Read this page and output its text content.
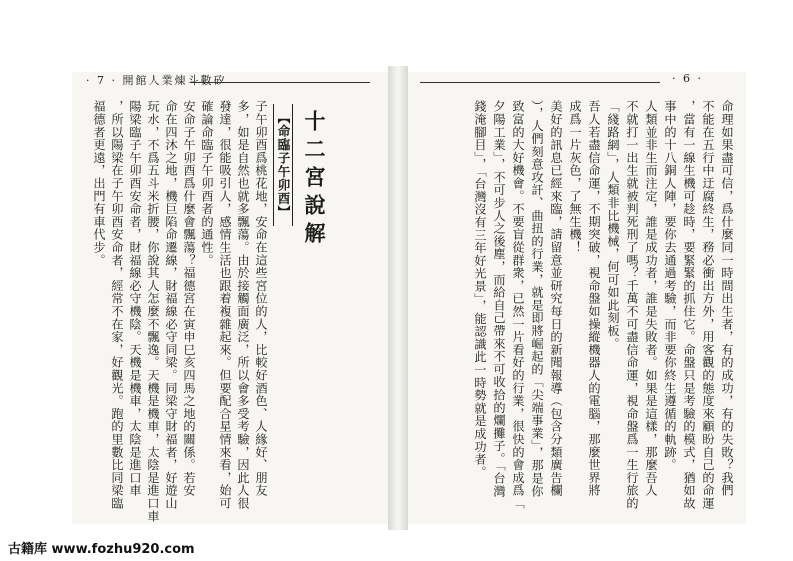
· 7 · 開館人業煉斗數矽	· 6 ·
十二宮說解
【命臨子午卯酉】
子午卯酉爲桃花地，安命在這些宮位的人，比較好酒色、人緣好、朋友
多，如是自然也就多飄蕩。由於接觸面廣泛，所以會多受考驗，因此人很
發達，很能吸引人，感情生活也跟着複雜起來。但要配合星情來看，始可
確論命臨子午卯酉者的通性。
安命子午卯酉爲什麼會飄蕩？福德宮在寅申巳亥四馬之地的關係。若安
命在四沐之地，機巨陷命遷線，財福線必守同梁。同梁守財福者，好遊山
玩水，不爲五斗米折腰，你說其人怎麼不飄逸。天機是機車，太陰是進口車
陽梁臨子午卯酉安命者，財福線必守機陰。天機是機車，太陰是進口車
，所以陽梁在子午卯酉安命者，經常不在家，好觀光。跑的里數比同梁臨
福德者更遠，出門有車代步。	命理如果盡可信，爲什麼同一時間出生者，有的成功，有的失敗？我們
不能在五行中迂腐終生，務必衝出方外，用客觀的態度來顧盼自己的命運
，當有一線生機可趁時，要緊緊的抓住它。命盤只是考驗的模式，猶如故
事中的十八銅人陣，要你去通過考驗，而非要你終生遵循的軌跡。
人類並非生而注定，誰是成功者，誰是失敗者。如果是這樣，那麼吾人
不就打一出生就被判死刑了嗎？千萬不可盡信命運，視命盤爲一生行旅的
「綫路網」，人類非比機械，何可如此刻板。
吾人若盡信命運，不期突破，視命盤如操縱機器人的電腦，那麼世界將
成爲一片灰色，了無生機！
美好的訊息已經來臨，請留意並研究每日的新聞報導（包含分類廣告欄
），人們刻意攻訐、曲扭的行業，就是即將崛起的「尖端事業」，那是你
致富的大好機會。不要盲從群衆，已然一片看好的行業，很快的會成爲「
夕陽工業」，不可步人之後塵，而給自己帶來不可收拾的爛攤子。「台灣
錢淹腳目」，「台灣沒有三年好光景」，能認識此一時勢就是成功者。
古籍库 www.fozhu920.com
